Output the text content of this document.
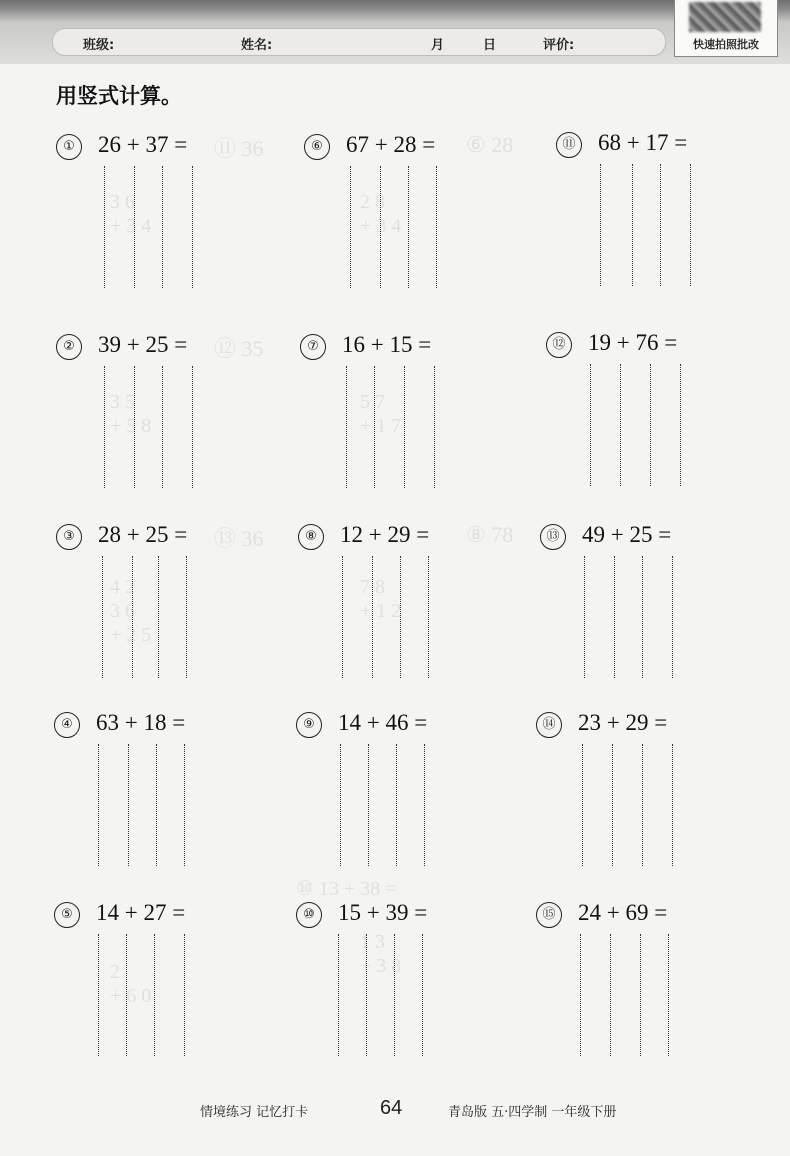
班级:	姓名:	月	日	评价:	快速拍照批改
用竖式计算。
⑪ 36	⑥ 28
3 6
+ 3 4
2 8
+ 3 4
⑫ 35
3 5
+ 5 8
5 7
+ 1 7
⑬ 36	⑧ 78
4 2
3 6
+ 2 5
7 8
+ 1 2
⑩ 13 + 38 =
1 3
+ 3 8
2
+ 6 0
①	26 + 37 =
②	39 + 25 =
③	28 + 25 =
④	63 + 18 =
⑤	14 + 27 =
⑥	67 + 28 =
⑦	16 + 15 =
⑧	12 + 29 =
⑨	14 + 46 =
⑩	15 + 39 =
⑪ 68 + 17 =
⑫ 19 + 76 =
⑬ 49 + 25 =
⑭ 23 + 29 =
⑮ 24 + 69 =
情境练习 记忆打卡	64	青岛版 五·四学制 一年级下册
